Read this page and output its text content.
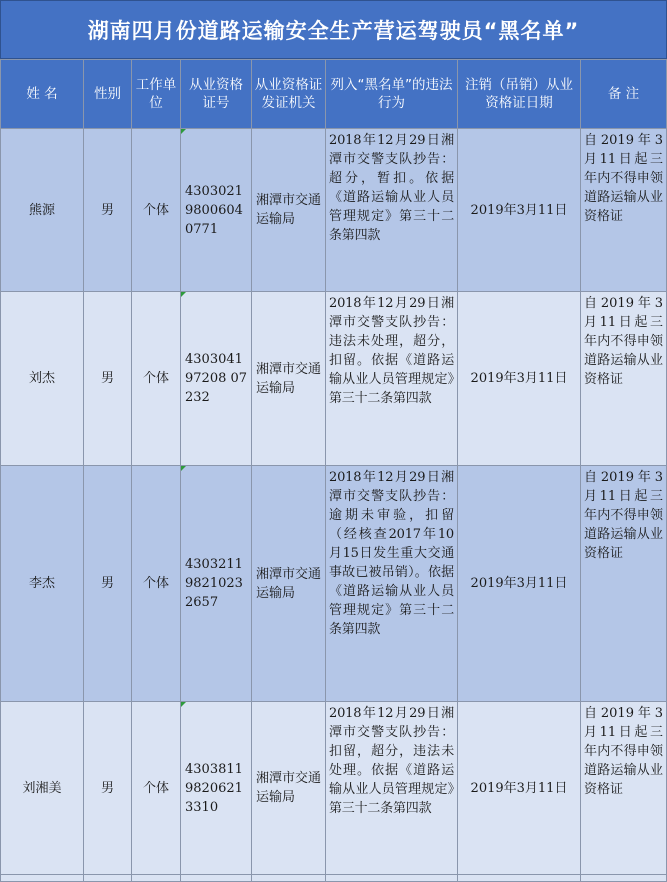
湖南四月份道路运输安全生产营运驾驶员“黑名单”
姓 名	性别	工作单位	从业资格证号	从业资格证发证机关	列入“黑名单”的违法行为	注销（吊销）从业资格证日期	备 注
熊源	男	个体	430302198006040771	湘潭市交通运输局	2018年12月29日湘潭市交警支队抄告：超分，暂扣。依据《道路运输从业人员管理规定》第三十二条第四款	2019年3月11日	自2019年3月11日起三年内不得申领道路运输从业资格证
刘杰	男	个体	430304197208 07232	湘潭市交通运输局	2018年12月29日湘潭市交警支队抄告：违法未处理，超分，扣留。依据《道路运输从业人员管理规定》第三十二条第四款	2019年3月11日	自2019年3月11日起三年内不得申领道路运输从业资格证
李杰	男	个体	430321198210232657	湘潭市交通运输局	2018年12月29日湘潭市交警支队抄告：逾期未审验，扣留（经核查2017年10月15日发生重大交通事故已被吊销）。依据《道路运输从业人员管理规定》第三十二条第四款	2019年3月11日	自2019年3月11日起三年内不得申领道路运输从业资格证
刘湘美	男	个体	430381198206213310	湘潭市交通运输局	2018年12月29日湘潭市交警支队抄告：扣留，超分，违法未处理。依据《道路运输从业人员管理规定》第三十二条第四款	2019年3月11日	自2019年3月11日起三年内不得申领道路运输从业资格证
